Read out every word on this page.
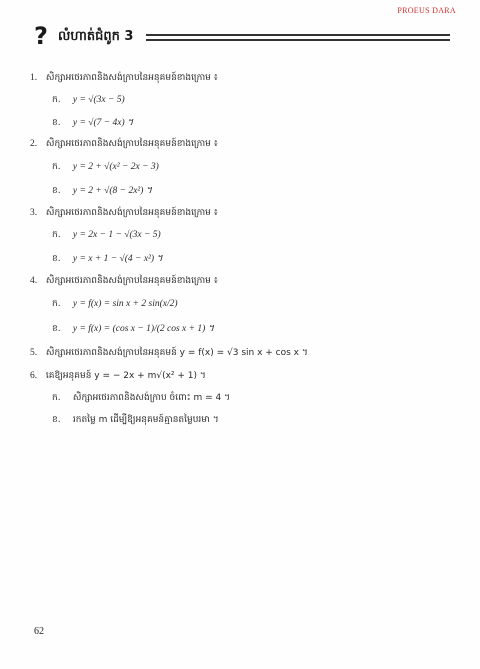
PROEUS DARA
? លំហាត់ជំពូក 3
1. សិក្សាអថេរភាពនិងសង់ក្រាបនៃអនុគមន៍ខាងក្រោម ៖
ក. y = √(3x − 5)
ខ. y = √(7 − 4x) ។
2. សិក្សាអថេរភាពនិងសង់ក្រាបនៃអនុគមន៍ខាងក្រោម ៖
ក. y = 2 + √(x² − 2x − 3)
ខ. y = 2 + √(8 − 2x²) ។
3. សិក្សាអថេរភាពនិងសង់ក្រាបនៃអនុគមន៍ខាងក្រោម ៖
ក. y = 2x − 1 − √(3x − 5)
ខ. y = x + 1 − √(4 − x²) ។
4. សិក្សាអថេរភាពនិងសង់ក្រាបនៃអនុគមន៍ខាងក្រោម ៖
ក. y = f(x) = sin x + 2 sin(x/2)
ខ. y = f(x) = (cos x − 1)/(2 cos x + 1) ។
5. សិក្សាអថេរភាពនិងសង់ក្រាបនៃអនុគមន៍ y = f(x) = √3 sin x + cos x ។
6. គេឱ្យអនុគមន៍ y = − 2x + m√(x² + 1) ។
ក. សិក្សាអថេរភាពនិងសង់ក្រាប ចំពោះ m = 4 ។
ខ. រកតម្លៃ m ដើម្បីឱ្យអនុគមន៍គ្មានតម្លៃបរមា ។
62
